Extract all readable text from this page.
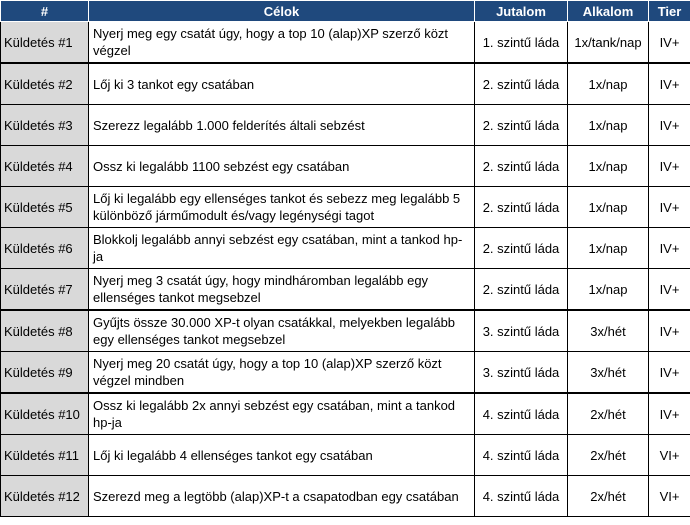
#	Célok	Jutalom	Alkalom	Tier
Küldetés #1	Nyerj meg egy csatát úgy, hogy a top 10 (alap)XP szerző közt végzel	1. szintű láda	1x/tank/nap	IV+
Küldetés #2	Lőj ki 3 tankot egy csatában	2. szintű láda	1x/nap	IV+
Küldetés #3	Szerezz legalább 1.000 felderítés általi sebzést	2. szintű láda	1x/nap	IV+
Küldetés #4	Ossz ki legalább 1100 sebzést egy csatában	2. szintű láda	1x/nap	IV+
Küldetés #5	Lőj ki legalább egy ellenséges tankot és sebezz meg legalább 5 különböző járműmodult és/vagy legénységi tagot	2. szintű láda	1x/nap	IV+
Küldetés #6	Blokkolj legalább annyi sebzést egy csatában, mint a tankod hp-ja	2. szintű láda	1x/nap	IV+
Küldetés #7	Nyerj meg 3 csatát úgy, hogy mindháromban legalább egy ellenséges tankot megsebzel	2. szintű láda	1x/nap	IV+
Küldetés #8	Gyűjts össze 30.000 XP-t olyan csatákkal, melyekben legalább egy ellenséges tankot megsebzel	3. szintű láda	3x/hét	IV+
Küldetés #9	Nyerj meg 20 csatát úgy, hogy a top 10 (alap)XP szerző közt végzel mindben	3. szintű láda	3x/hét	IV+
Küldetés #10	Ossz ki legalább 2x annyi sebzést egy csatában, mint a tankod hp-ja	4. szintű láda	2x/hét	IV+
Küldetés #11	Lőj ki legalább 4 ellenséges tankot egy csatában	4. szintű láda	2x/hét	VI+
Küldetés #12	Szerezd meg a legtöbb (alap)XP-t a csapatodban egy csatában	4. szintű láda	2x/hét	VI+
